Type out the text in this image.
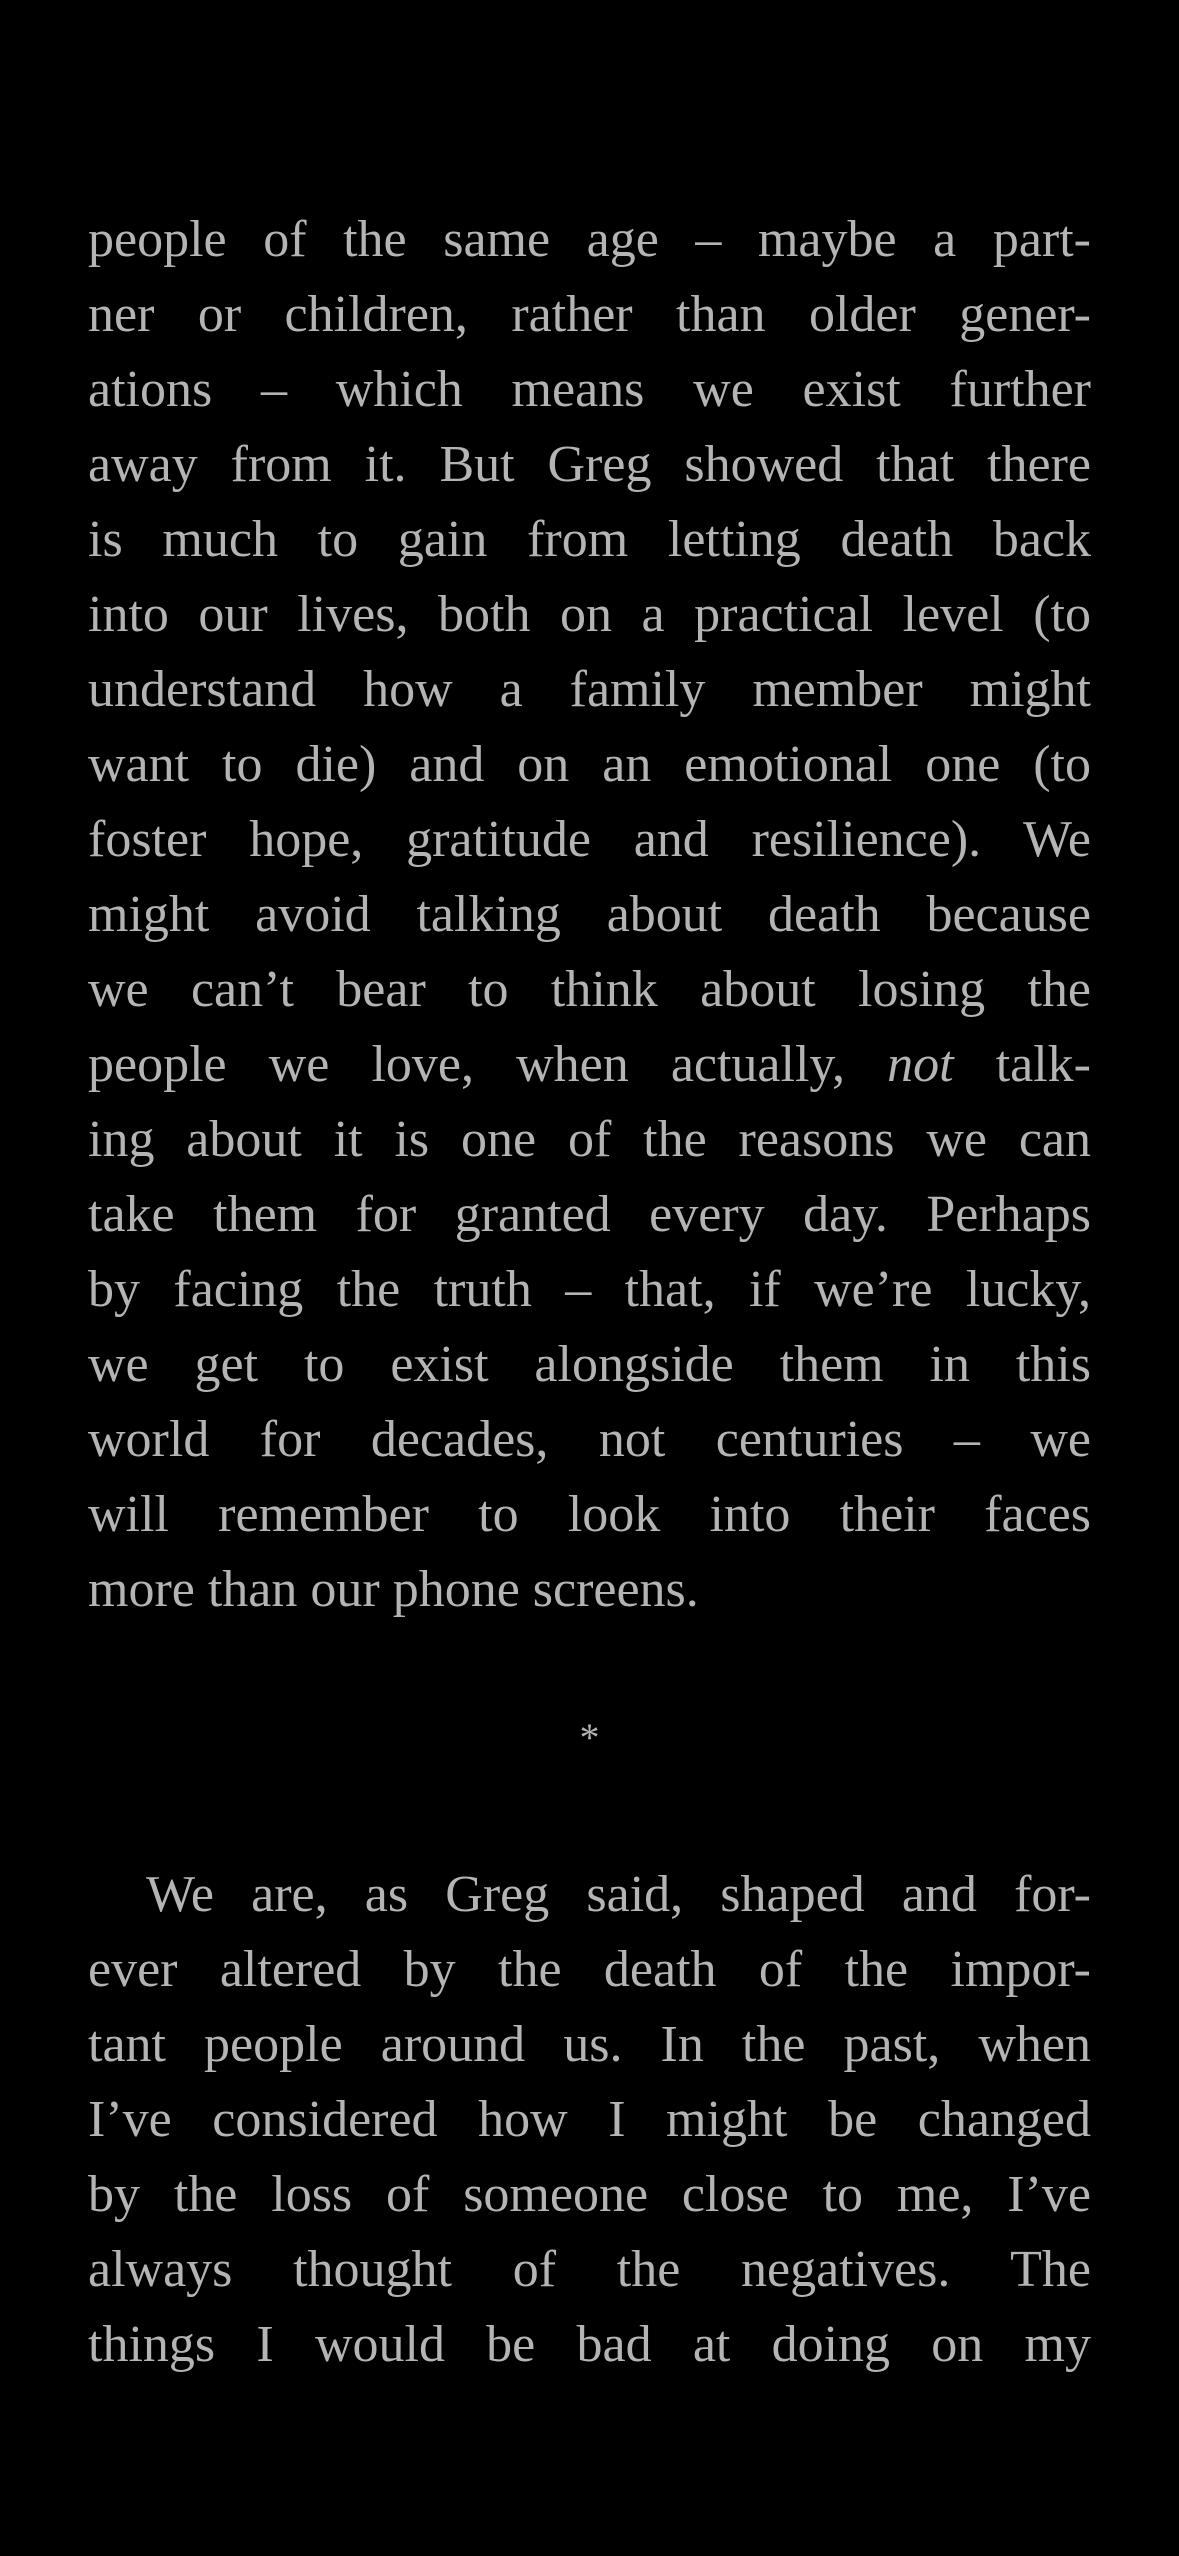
people of the same age – maybe a part-
ner or children, rather than older gener-
ations – which means we exist further
away from it. But Greg showed that there
is much to gain from letting death back
into our lives, both on a practical level (to
understand how a family member might
want to die) and on an emotional one (to
foster hope, gratitude and resilience). We
might avoid talking about death because
we can’t bear to think about losing the
people we love, when actually, not talk-
ing about it is one of the reasons we can
take them for granted every day. Perhaps
by facing the truth – that, if we’re lucky,
we get to exist alongside them in this
world for decades, not centuries – we
will remember to look into their faces
more than our phone screens.
*
We are, as Greg said, shaped and for-
ever altered by the death of the impor-
tant people around us. In the past, when
I’ve considered how I might be changed
by the loss of someone close to me, I’ve
always thought of the negatives. The
things I would be bad at doing on my
